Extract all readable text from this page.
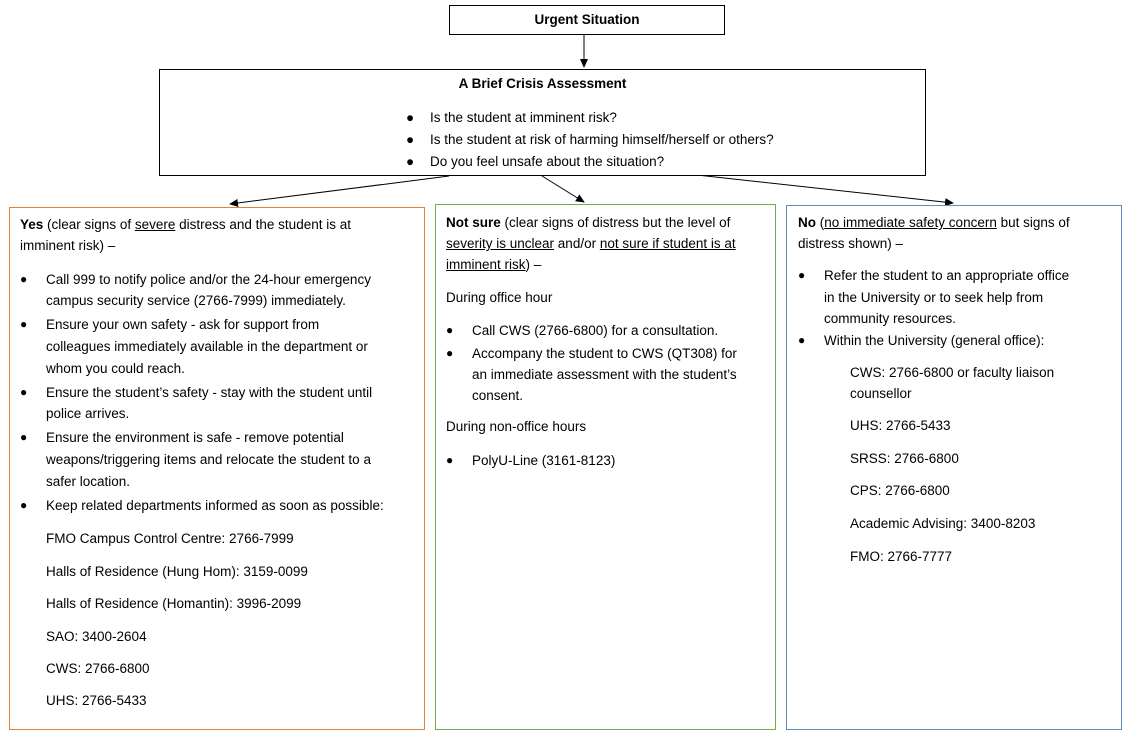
Urgent Situation
A Brief Crisis Assessment
● Is the student at imminent risk?
● Is the student at risk of harming himself/herself or others?
● Do you feel unsafe about the situation?
Yes (clear signs of severe distress and the student is at
imminent risk) –
● Call 999 to notify police and/or the 24-hour emergency
campus security service (2766-7999) immediately.
● Ensure your own safety - ask for support from
colleagues immediately available in the department or
whom you could reach.
● Ensure the student’s safety - stay with the student until
police arrives.
● Ensure the environment is safe - remove potential
weapons/triggering items and relocate the student to a
safer location.
● Keep related departments informed as soon as possible:
FMO Campus Control Centre: 2766-7999
Halls of Residence (Hung Hom): 3159-0099
Halls of Residence (Homantin): 3996-2099
SAO: 3400-2604
CWS: 2766-6800
UHS: 2766-5433
Not sure (clear signs of distress but the level of
severity is unclear and/or not sure if student is at
imminent risk) –
During office hour
● Call CWS (2766-6800) for a consultation.
● Accompany the student to CWS (QT308) for
an immediate assessment with the student’s
consent.
During non-office hours
● PolyU-Line (3161-8123)
No (no immediate safety concern but signs of
distress shown) –
● Refer the student to an appropriate office
in the University or to seek help from
community resources.
● Within the University (general office):
CWS: 2766-6800 or faculty liaison
counsellor
UHS: 2766-5433
SRSS: 2766-6800
CPS: 2766-6800
Academic Advising: 3400-8203
FMO: 2766-7777
